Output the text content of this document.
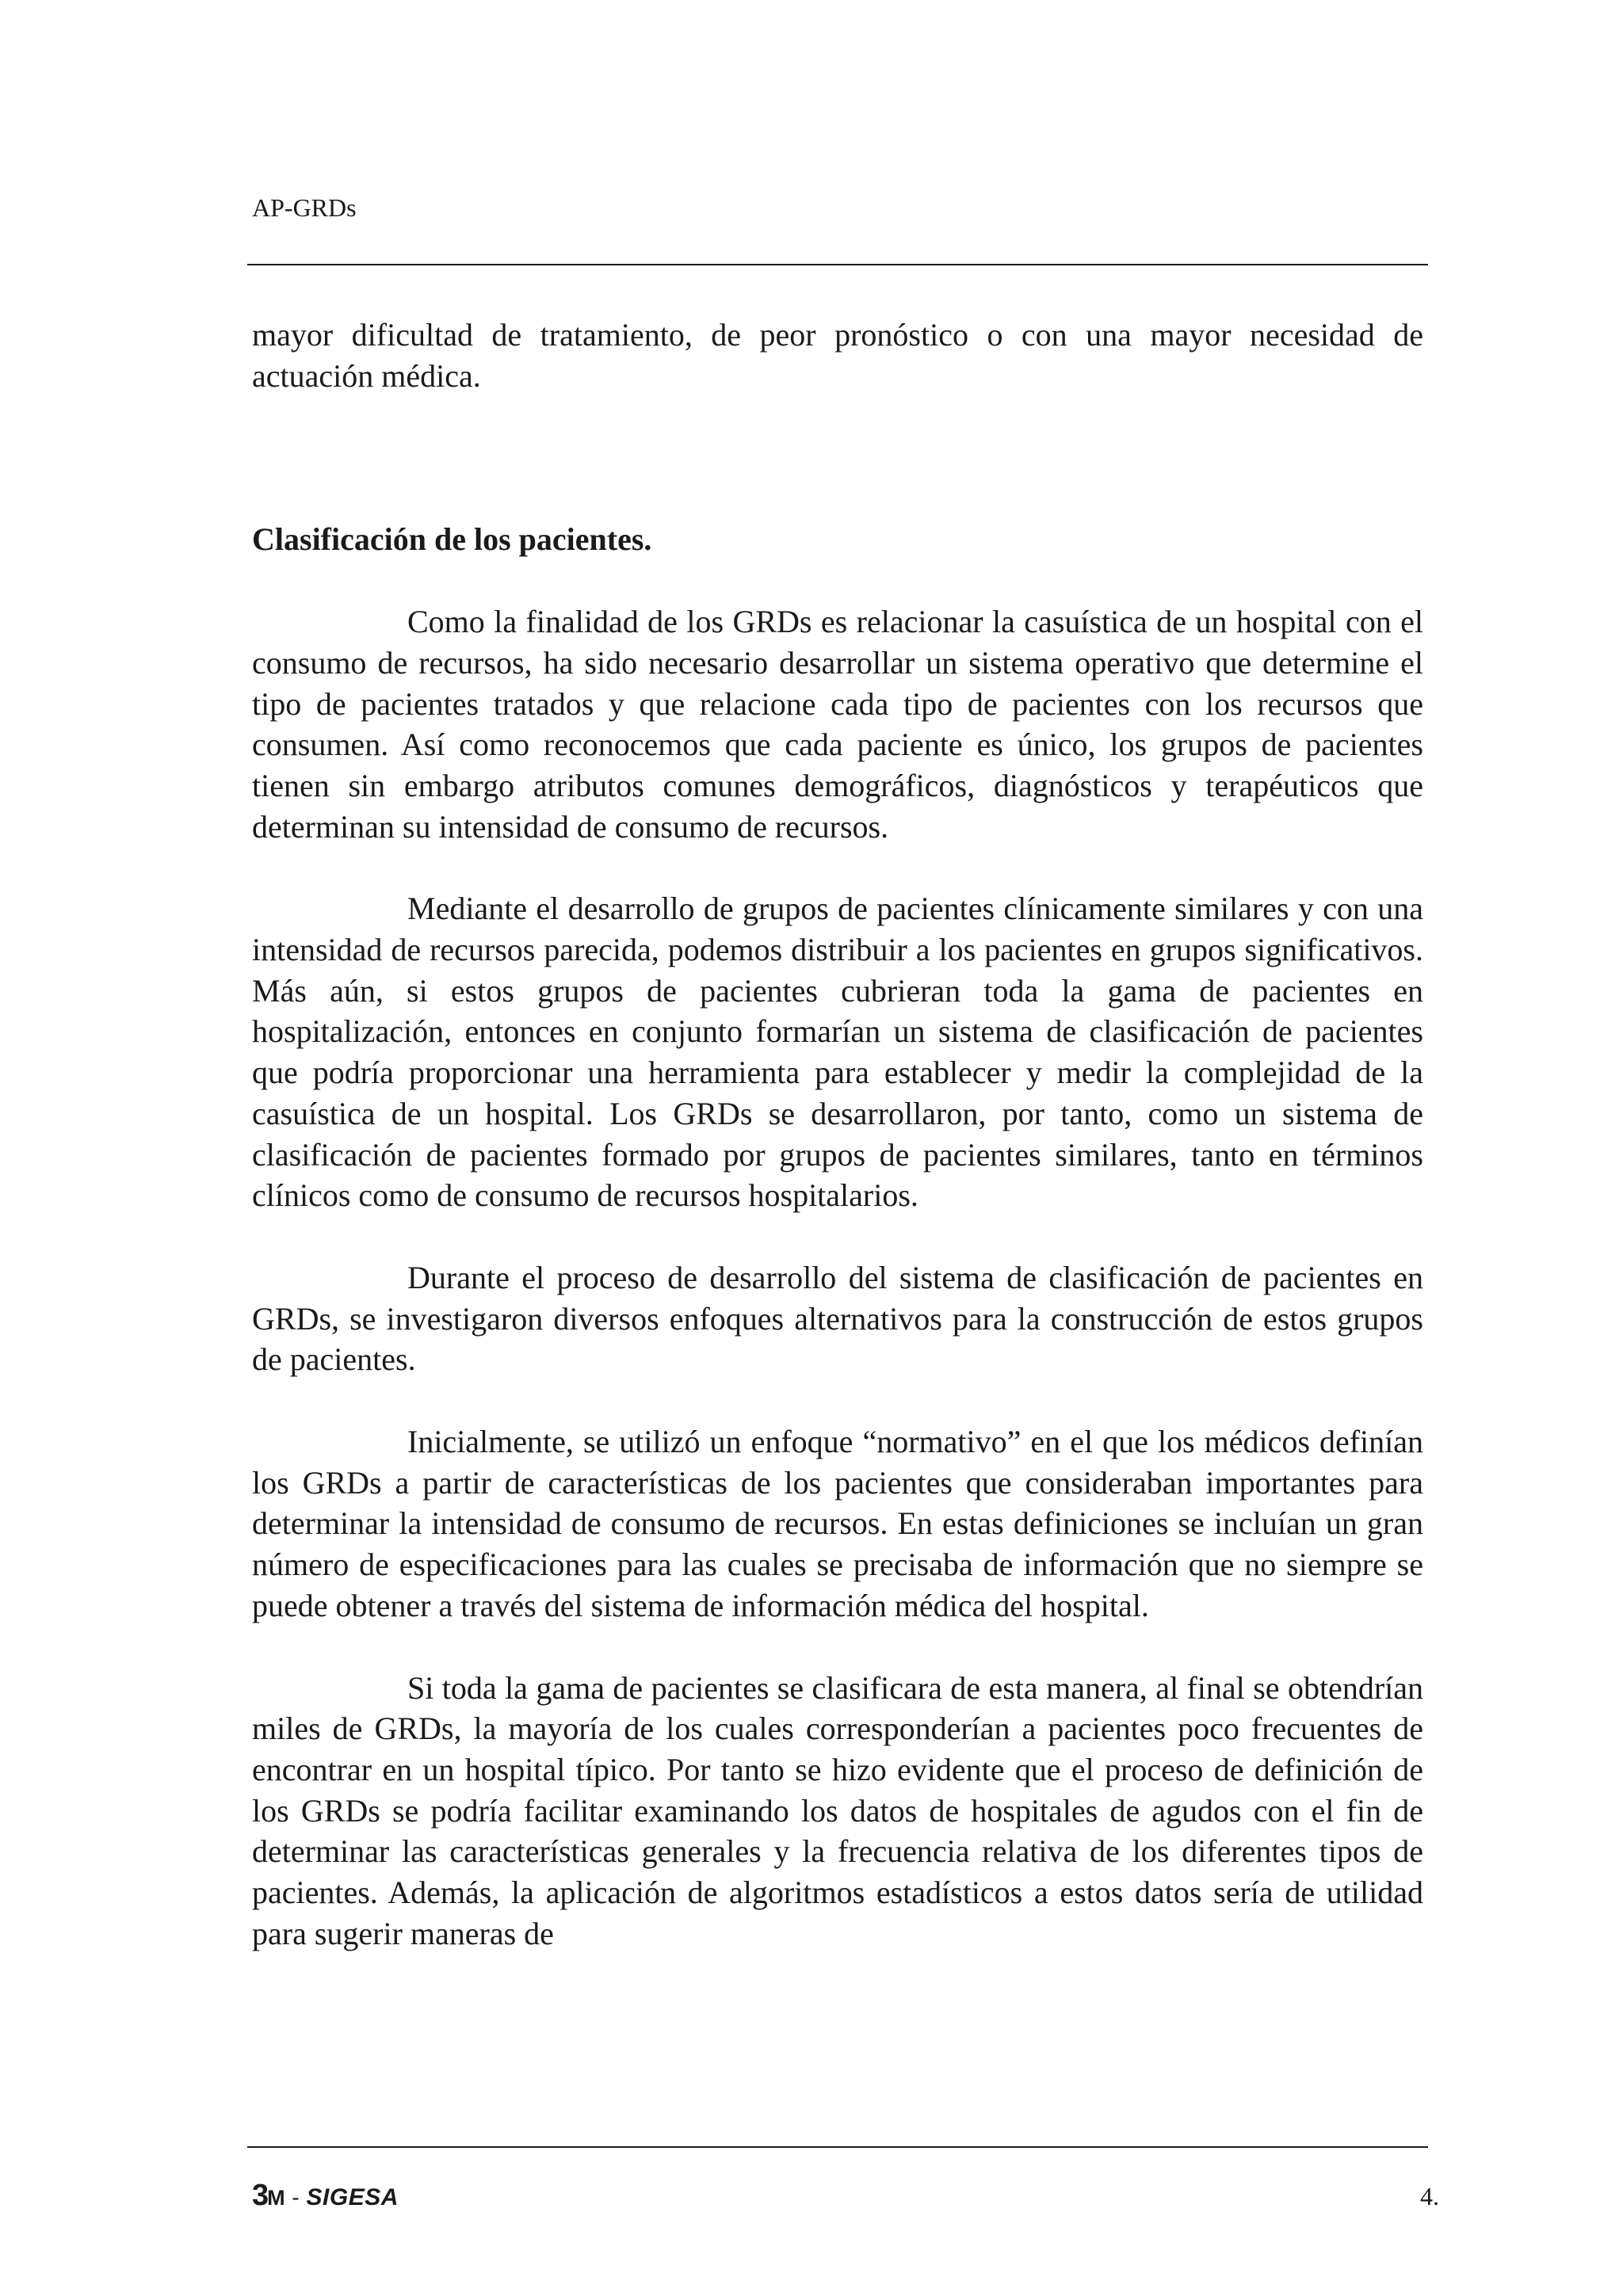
AP-GRDs

mayor dificultad de tratamiento, de peor pronóstico o con una mayor necesidad de actuación médica.

Clasificación de los pacientes.

Como la finalidad de los GRDs es relacionar la casuística de un hospital con el consumo de recursos, ha sido necesario desarrollar un sistema operativo que determine el tipo de pacientes tratados y que relacione cada tipo de pacientes con los recursos que consumen. Así como reconocemos que cada paciente es único, los grupos de pacientes tienen sin embargo atributos comunes demográficos, diagnósticos y terapéuticos que determinan su intensidad de consumo de recursos.

Mediante el desarrollo de grupos de pacientes clínicamente similares y con una intensidad de recursos parecida, podemos distribuir a los pacientes en grupos significativos. Más aún, si estos grupos de pacientes cubrieran toda la gama de pacientes en hospitalización, entonces en conjunto formarían un sistema de clasificación de pacientes que podría proporcionar una herramienta para establecer y medir la complejidad de la casuística de un hospital. Los GRDs se desarrollaron, por tanto, como un sistema de clasificación de pacientes formado por grupos de pacientes similares, tanto en términos clínicos como de consumo de recursos hospitalarios.

Durante el proceso de desarrollo del sistema de clasificación de pacientes en GRDs, se investigaron diversos enfoques alternativos para la construcción de estos grupos de pacientes.

Inicialmente, se utilizó un enfoque “normativo” en el que los médicos definían los GRDs a partir de características de los pacientes que consideraban importantes para determinar la intensidad de consumo de recursos. En estas definiciones se incluían un gran número de especificaciones para las cuales se precisaba de información que no siempre se puede obtener a través del sistema de información médica del hospital.

Si toda la gama de pacientes se clasificara de esta manera, al final se obtendrían miles de GRDs, la mayoría de los cuales corresponderían a pacientes poco frecuentes de encontrar en un hospital típico. Por tanto se hizo evidente que el proceso de definición de los GRDs se podría facilitar examinando los datos de hospitales de agudos con el fin de determinar las características generales y la frecuencia relativa de los diferentes tipos de pacientes. Además, la aplicación de algoritmos estadísticos a estos datos sería de utilidad para sugerir maneras de

3M - SIGESA	4.
